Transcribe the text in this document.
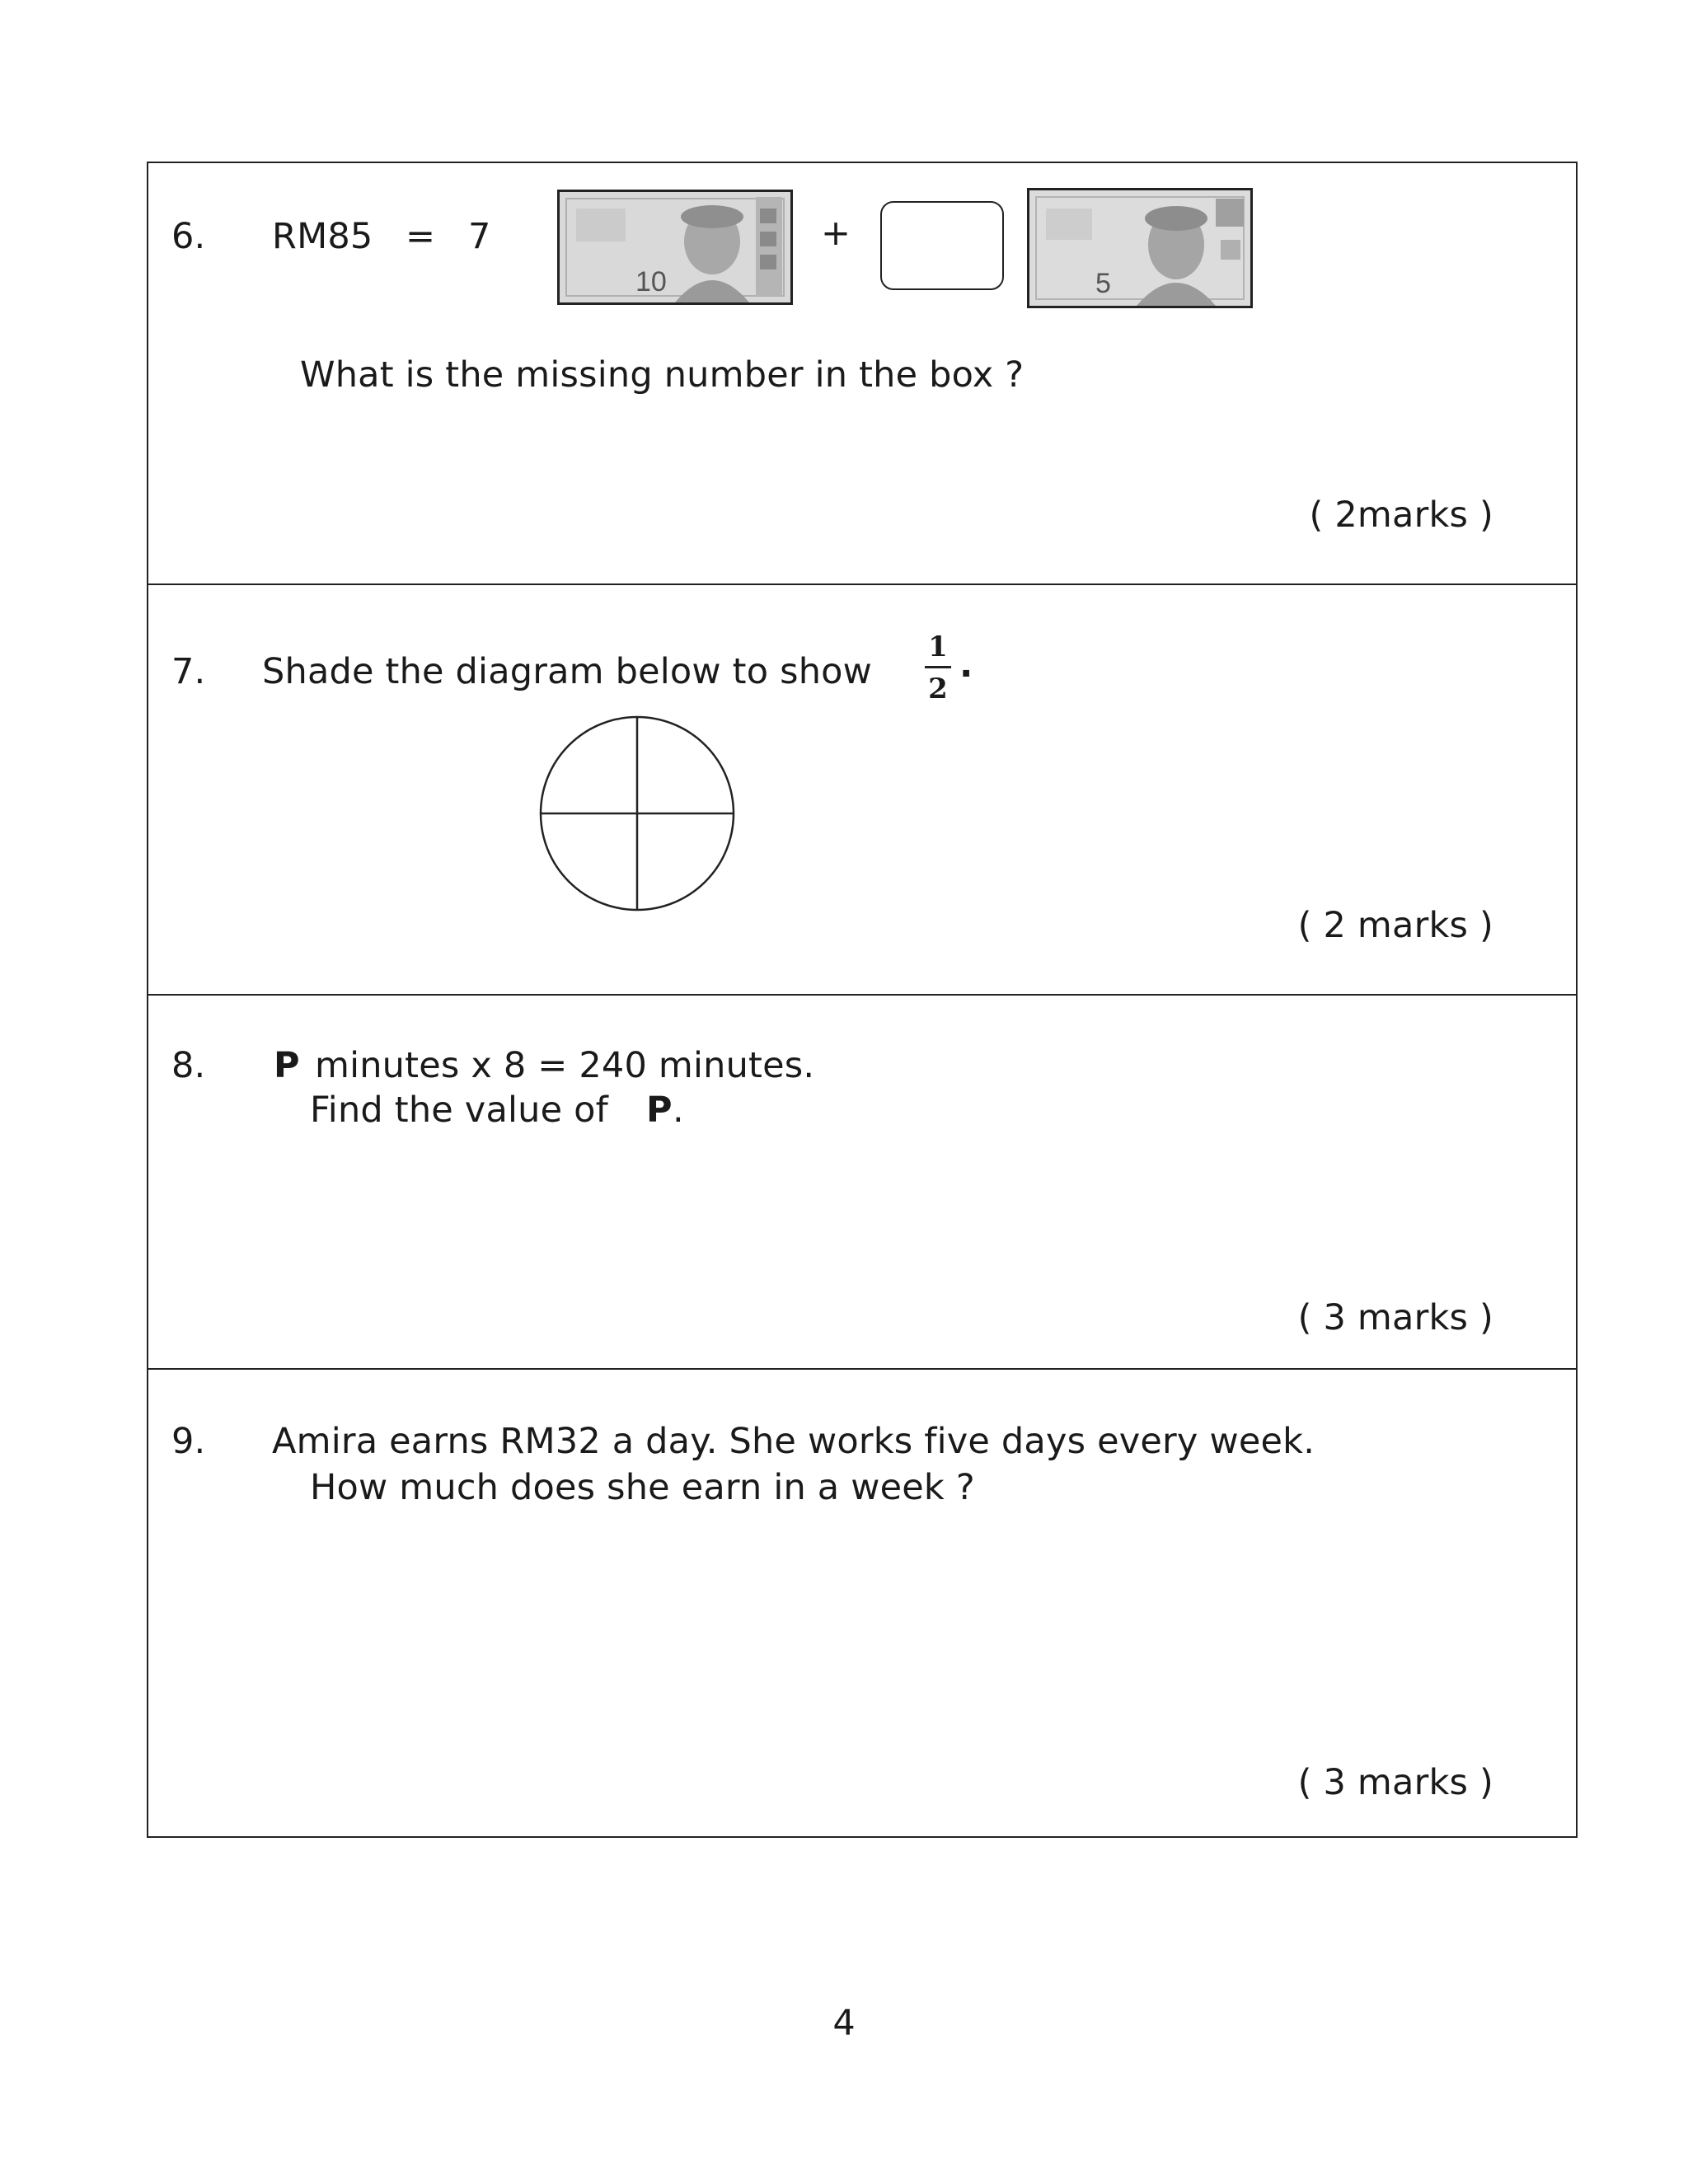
6. RM85 = 7
10
+
5
What is the missing number in the box ?
( 2marks )
7. Shade the diagram below to show
1
2
.
( 2 marks )
8. P minutes x 8 = 240 minutes.
Find the value of P .
( 3 marks )
9. Amira earns RM32 a day. She works five days every week.
How much does she earn in a week ?
( 3 marks )
4
